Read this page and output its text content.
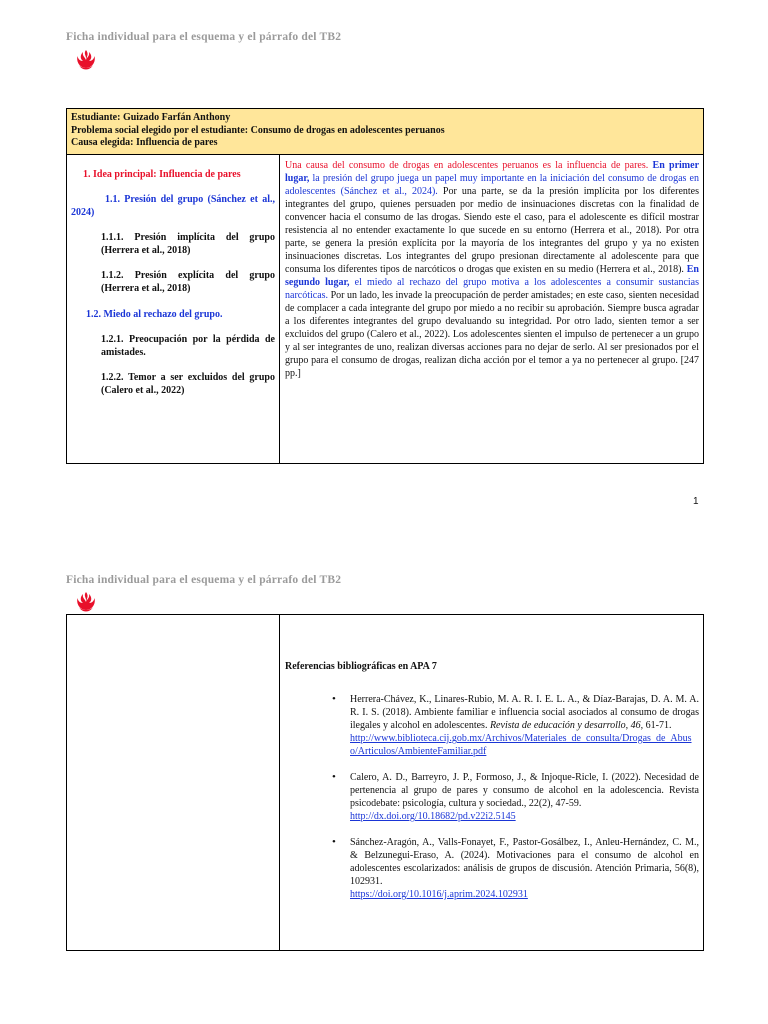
Ficha individual para el esquema y el párrafo del TB2
Estudiante: Guizado Farfán Anthony
Problema social elegido por el estudiante: Consumo de drogas en adolescentes peruanos
Causa elegida: Influencia de pares

1. Idea principal: Influencia de pares
1.1. Presión del grupo (Sánchez et al., 2024)
1.1.1. Presión implícita del grupo (Herrera et al., 2018)
1.1.2. Presión explícita del grupo (Herrera et al., 2018)
1.2. Miedo al rechazo del grupo.
1.2.1. Preocupación por la pérdida de amistades.
1.2.2. Temor a ser excluidos del grupo (Calero et al., 2022)
	Una causa del consumo de drogas en adolescentes peruanos es la influencia de pares. En primer lugar, la presión del grupo juega un papel muy importante en la iniciación del consumo de drogas en adolescentes (Sánchez et al., 2024). Por una parte, se da la presión implícita por los diferentes integrantes del grupo, quienes persuaden por medio de insinuaciones discretas con la finalidad de convencer hacia el consumo de las drogas. Siendo este el caso, para el adolescente es difícil mostrar resistencia al no entender exactamente lo que sucede en su entorno (Herrera et al., 2018). Por otra parte, se genera la presión explícita por la mayoría de los integrantes del grupo y ya no existen insinuaciones discretas. Los integrantes del grupo presionan directamente al adolescente para que consuma los diferentes tipos de narcóticos o drogas que existen en su medio (Herrera et al., 2018). En segundo lugar, el miedo al rechazo del grupo motiva a los adolescentes a consumir sustancias narcóticas. Por un lado, les invade la preocupación de perder amistades; en este caso, sienten necesidad de complacer a cada integrante del grupo por miedo a no recibir su aprobación. Siempre busca agradar a los diferentes integrantes del grupo devaluando su integridad. Por otro lado, sienten temor a ser excluidos del grupo (Calero et al., 2022). Los adolescentes sienten el impulso de pertenecer a un grupo y al ser integrantes de uno, realizan diversas acciones para no dejar de serlo. Al ser presionados por el grupo para el consumo de drogas, realizan dicha acción por el temor a ya no pertenecer al grupo. [247 pp.]
1
Ficha individual para el esquema y el párrafo del TB2

Referencias bibliográficas en APA 7
• Herrera-Chávez, K., Linares-Rubio, M. A. R. I. E. L. A., & Díaz-Barajas, D. A. M. A. R. I. S. (2018). Ambiente familiar e influencia social asociados al consumo de drogas ilegales y alcohol en adolescentes. Revista de educación y desarrollo, 46, 61-71.
http://www.biblioteca.cij.gob.mx/Archivos/Materiales_de_consulta/Drogas_de_Abuso/Articulos/AmbienteFamiliar.pdf
• Calero, A. D., Barreyro, J. P., Formoso, J., & Injoque-Ricle, I. (2022). Necesidad de pertenencia al grupo de pares y consumo de alcohol en la adolescencia. Revista psicodebate: psicología, cultura y sociedad., 22(2), 47-59.
http://dx.doi.org/10.18682/pd.v22i2.5145
• Sánchez-Aragón, A., Valls-Fonayet, F., Pastor-Gosálbez, I., Anleu-Hernández, C. M., & Belzunegui-Eraso, A. (2024). Motivaciones para el consumo de alcohol en adolescentes escolarizados: análisis de grupos de discusión. Atención Primaria, 56(8), 102931.
https://doi.org/10.1016/j.aprim.2024.102931
